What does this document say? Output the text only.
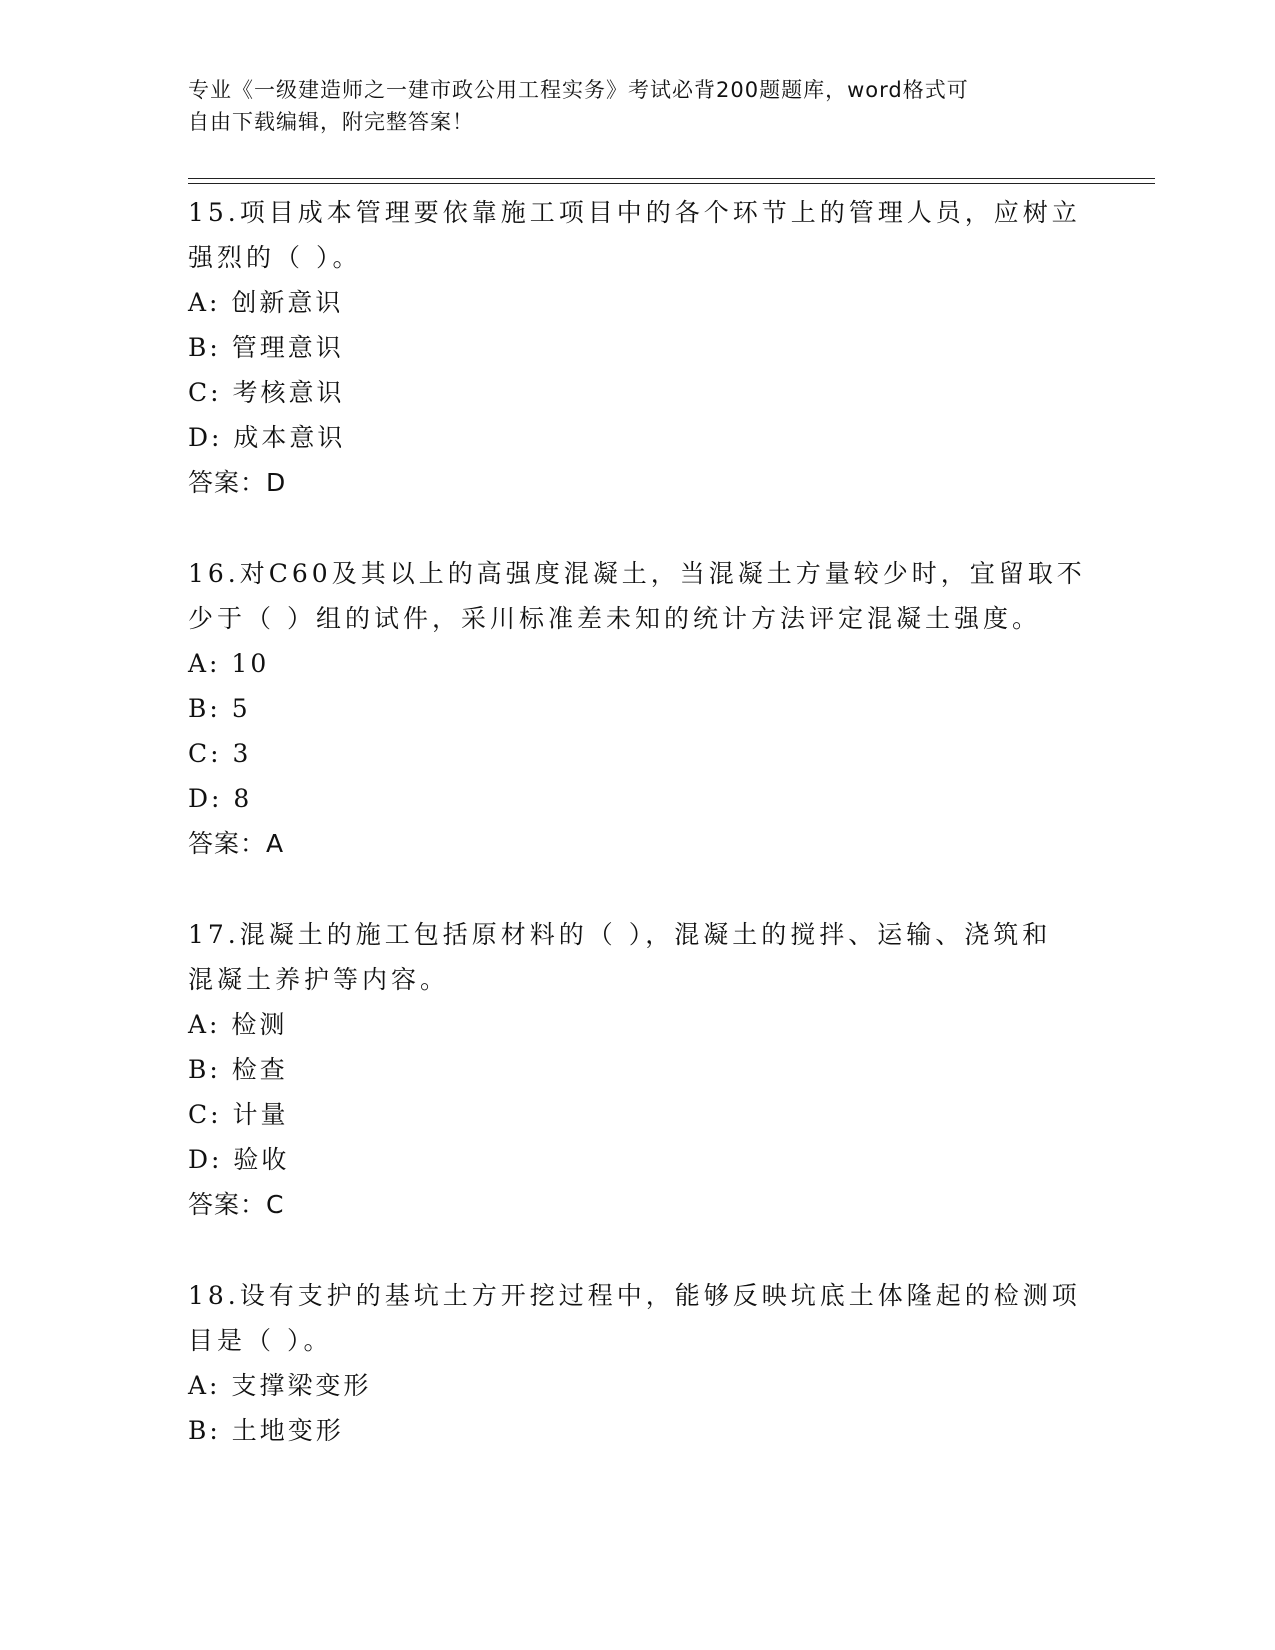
专业《一级建造师之一建市政公用工程实务》考试必背200题题库，word格式可
自由下载编辑，附完整答案！
15.项目成本管理要依靠施工项目中的各个环节上的管理人员，应树立
强烈的（ ）。
A: 创新意识
B: 管理意识
C: 考核意识
D: 成本意识
答案：D
16.对C60及其以上的高强度混凝土，当混凝土方量较少时，宜留取不
少于（ ）组的试件，采川标准差未知的统计方法评定混凝土强度。
A: 10
B: 5
C: 3
D: 8
答案：A
17.混凝土的施工包括原材料的（ ），混凝土的搅拌、运输、浇筑和
混凝土养护等内容。
A: 检测
B: 检查
C: 计量
D: 验收
答案：C
18.设有支护的基坑土方开挖过程中，能够反映坑底土体隆起的检测项
目是（ ）。
A: 支撑梁变形
B: 土地变形
